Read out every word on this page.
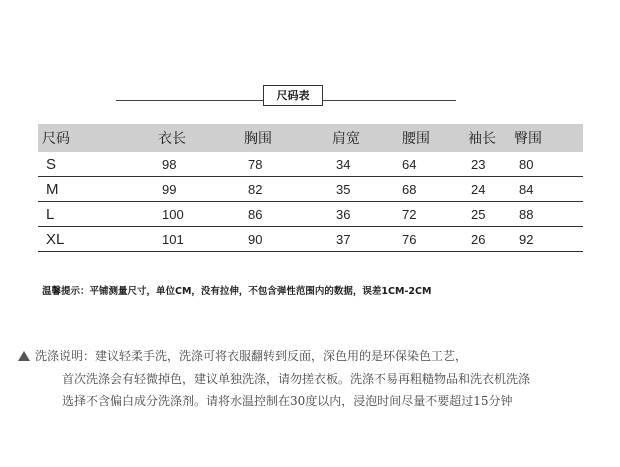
尺码表
尺码	衣长	胸围	肩宽	腰围	袖长	臀围
S	98	78	34	64	23	80
M	99	82	35	68	24	84
L	100	86	36	72	25	88
XL	101	90	37	76	26	92
温馨提示：平铺测量尺寸，单位CM，没有拉伸，不包含弹性范围内的数据，误差1CM-2CM
洗涤说明：建议轻柔手洗，洗涤可将衣服翻转到反面，深色用的是环保染色工艺，
首次洗涤会有轻微掉色，建议单独洗涤，请勿搓衣板。洗涤不易再粗糙物品和洗衣机洗涤
选择不含偏白成分洗涤剂。请将水温控制在30度以内，浸泡时间尽量不要超过15分钟
